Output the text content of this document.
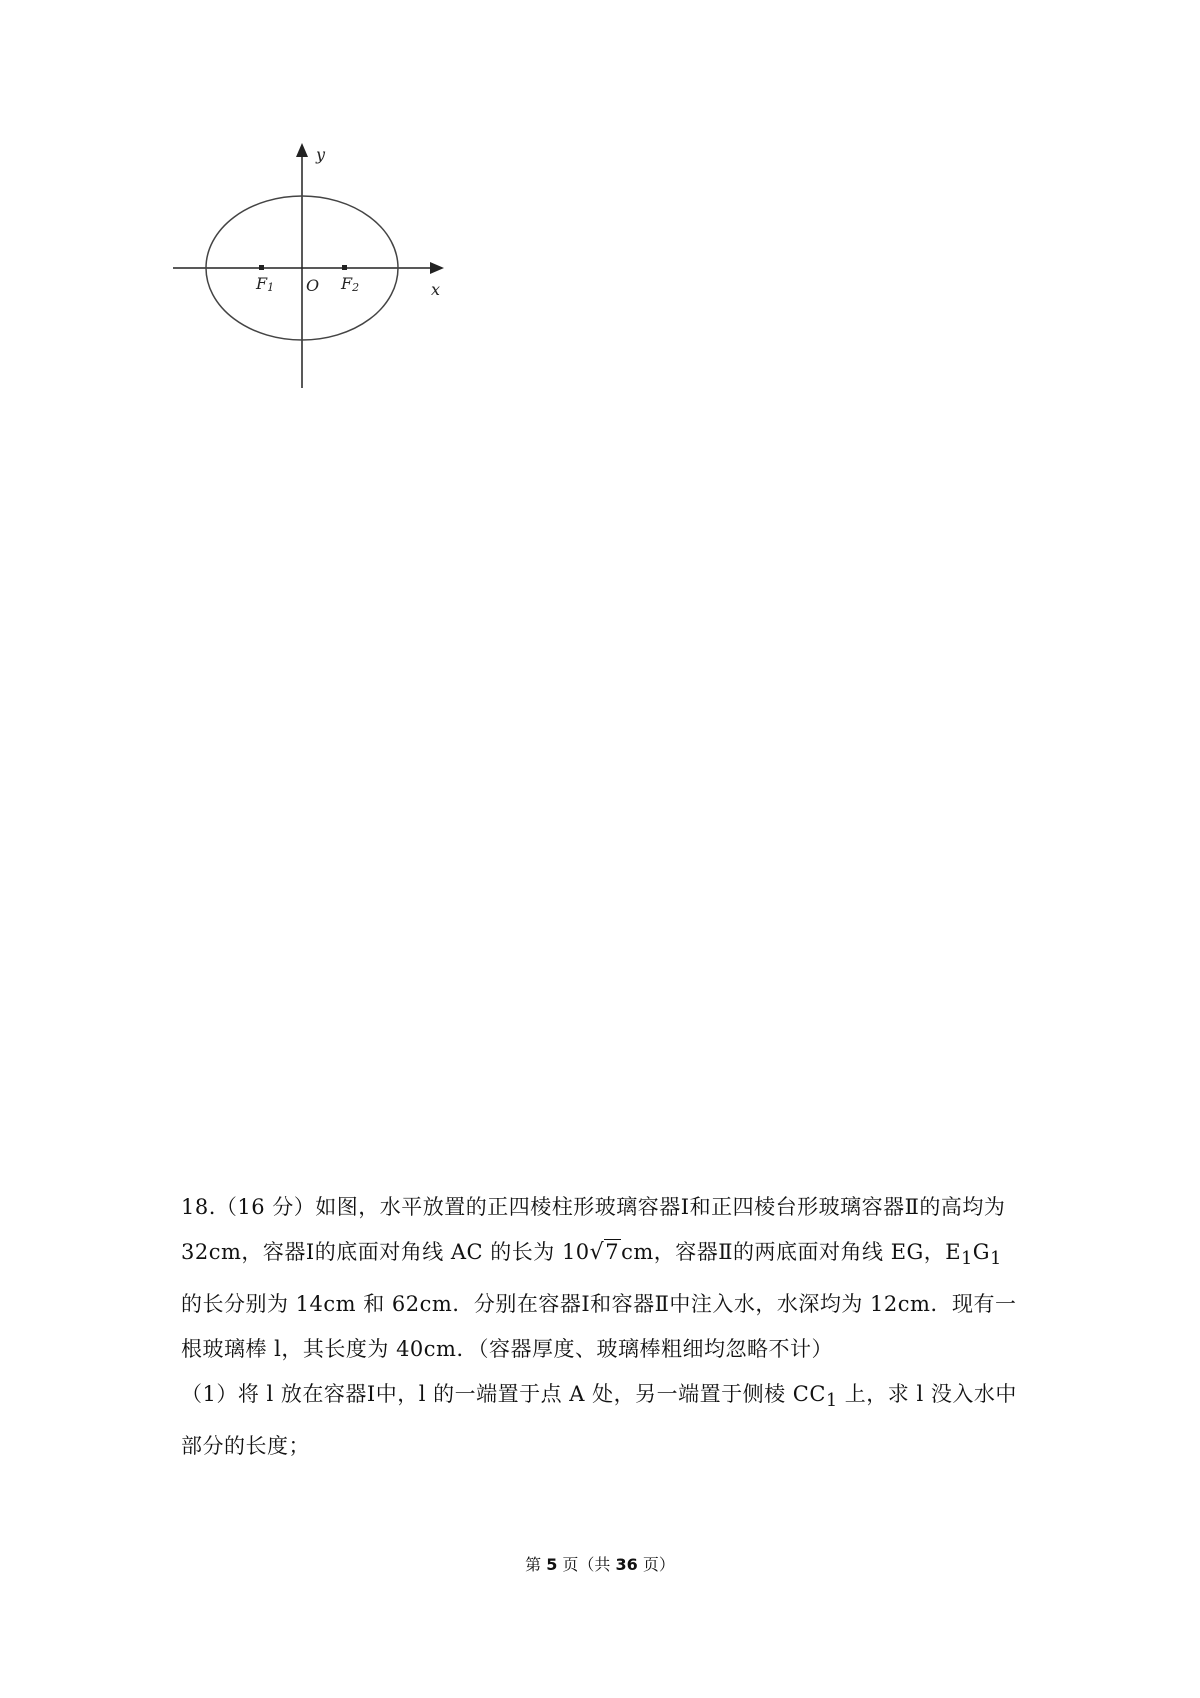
y
x
O
F1	F2

18.（16 分）如图，水平放置的正四棱柱形玻璃容器Ⅰ和正四棱台形玻璃容器Ⅱ的高均为 32cm，容器Ⅰ的底面对角线 AC 的长为 10√7cm，容器Ⅱ的两底面对角线 EG，$E_1G_1$ 的长分别为 14cm 和 62cm．分别在容器Ⅰ和容器Ⅱ中注入水，水深均为 12cm．现有一根玻璃棒 l，其长度为 40cm．（容器厚度、玻璃棒粗细均忽略不计）

（1）将 l 放在容器Ⅰ中，l 的一端置于点 A 处，另一端置于侧棱 $CC_1$ 上，求 l 没入水中部分的长度；

第 5 页（共 36 页）
